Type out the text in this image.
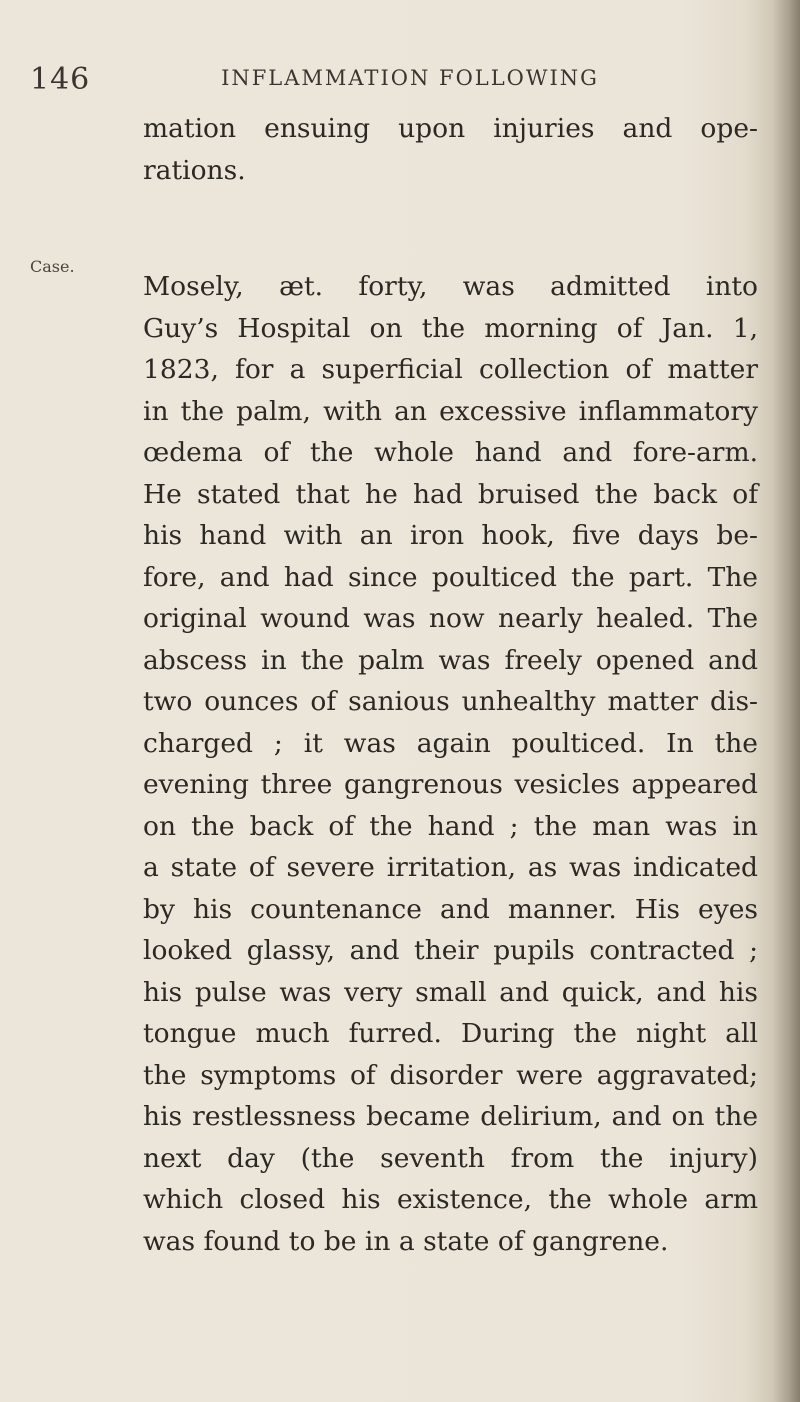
146	INFLAMMATION FOLLOWING
Case.
mation ensuing upon injuries and ope-
rations.
Mosely, æt. forty, was admitted into
Guy’s Hospital on the morning of Jan. 1,
1823, for a superficial collection of matter
in the palm, with an excessive inflammatory
œdema of the whole hand and fore-arm.
He stated that he had bruised the back of
his hand with an iron hook, five days be-
fore, and had since poulticed the part. The
original wound was now nearly healed. The
abscess in the palm was freely opened and
two ounces of sanious unhealthy matter dis-
charged ; it was again poulticed. In the
evening three gangrenous vesicles appeared
on the back of the hand ; the man was in
a state of severe irritation, as was indicated
by his countenance and manner. His eyes
looked glassy, and their pupils contracted ;
his pulse was very small and quick, and his
tongue much furred. During the night all
the symptoms of disorder were aggravated;
his restlessness became delirium, and on the
next day (the seventh from the injury)
which closed his existence, the whole arm
was found to be in a state of gangrene.
